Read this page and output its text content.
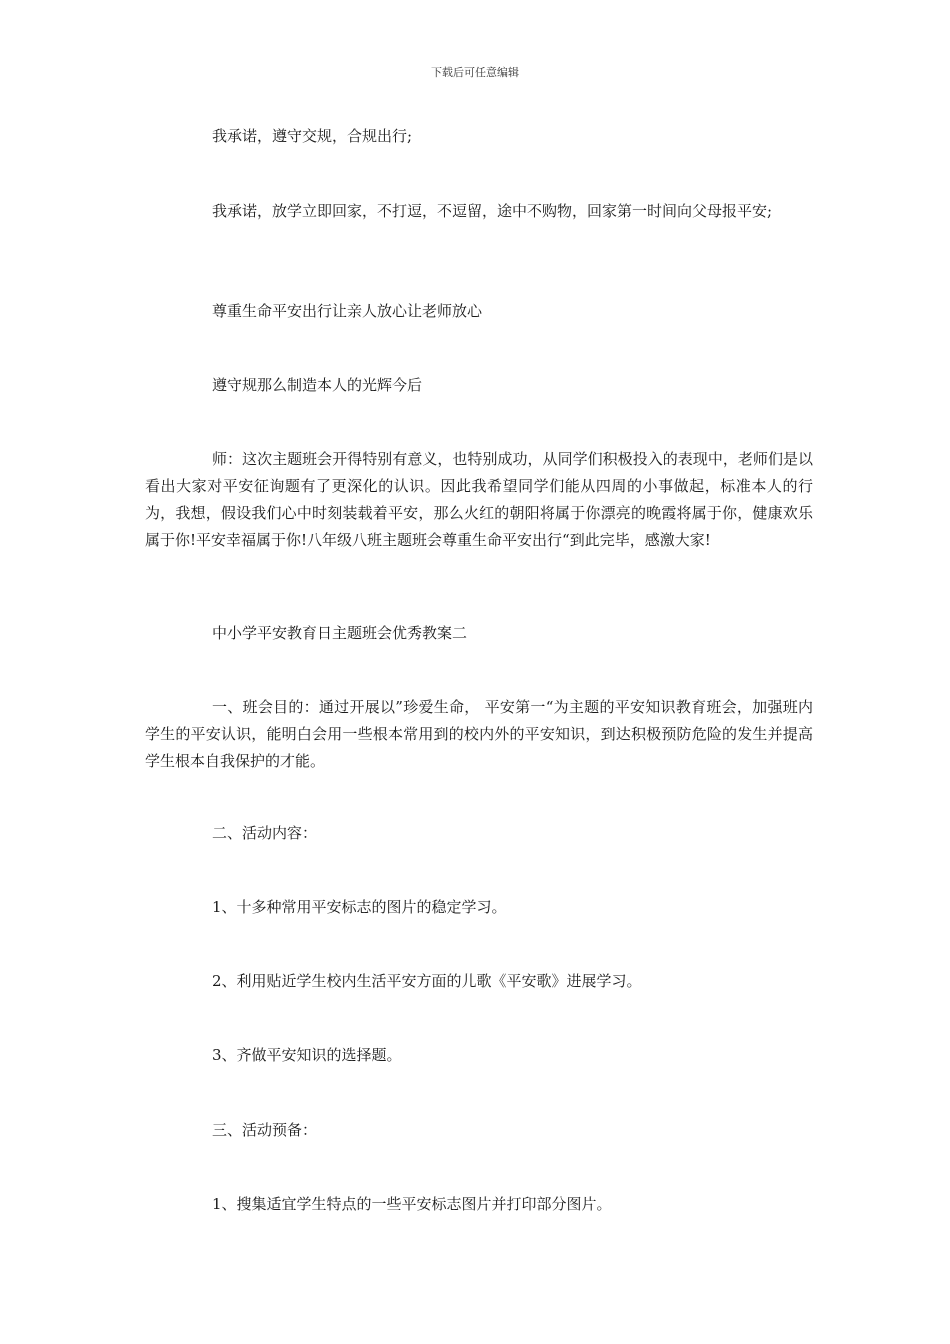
下载后可任意编辑

我承诺，遵守交规，合规出行;

我承诺，放学立即回家，不打逗，不逗留，途中不购物，回家第一时间向父母报平安;

尊重生命平安出行让亲人放心让老师放心

遵守规那么制造本人的光辉今后

师：这次主题班会开得特别有意义，也特别成功，从同学们积极投入的表现中，老师们是以看出大家对平安征询题有了更深化的认识。因此我希望同学们能从四周的小事做起，标准本人的行为，我想，假设我们心中时刻装载着平安，那么火红的朝阳将属于你漂亮的晚霞将属于你，健康欢乐属于你!平安幸福属于你!八年级八班主题班会尊重生命平安出行“到此完毕，感激大家!

中小学平安教育日主题班会优秀教案二

一、班会目的：通过开展以”珍爱生命， 平安第一“为主题的平安知识教育班会，加强班内学生的平安认识，能明白会用一些根本常用到的校内外的平安知识，到达积极预防危险的发生并提高学生根本自我保护的才能。

二、活动内容：

1、十多种常用平安标志的图片的稳定学习。

2、利用贴近学生校内生活平安方面的儿歌《平安歌》进展学习。

3、齐做平安知识的选择题。

三、活动预备：

1、搜集适宜学生特点的一些平安标志图片并打印部分图片。
